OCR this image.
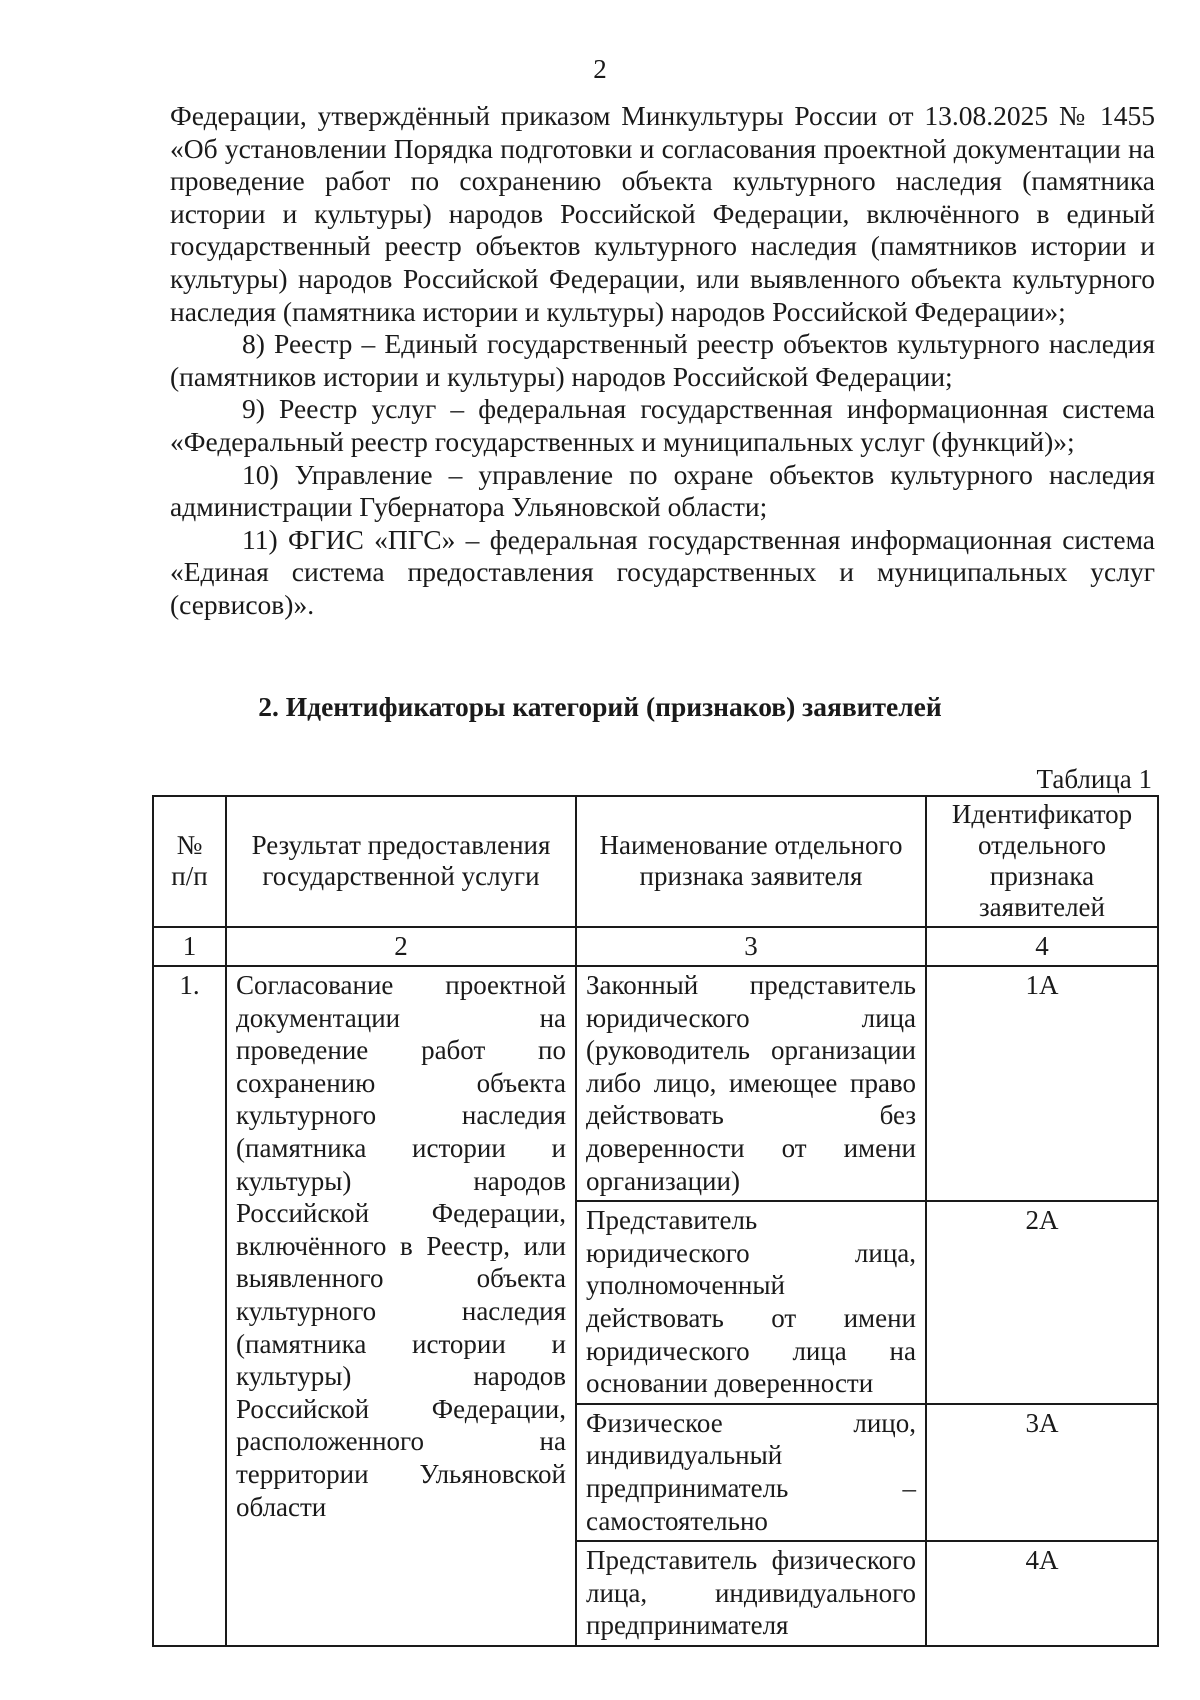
2

Федерации, утверждённый приказом Минкультуры России от 13.08.2025 № 1455 «Об установлении Порядка подготовки и согласования проектной документации на проведение работ по сохранению объекта культурного наследия (памятника истории и культуры) народов Российской Федерации, включённого в единый государственный реестр объектов культурного наследия (памятников истории и культуры) народов Российской Федерации, или выявленного объекта культурного наследия (памятника истории и культуры) народов Российской Федерации»;

8) Реестр – Единый государственный реестр объектов культурного наследия (памятников истории и культуры) народов Российской Федерации;

9) Реестр услуг – федеральная государственная информационная система «Федеральный реестр государственных и муниципальных услуг (функций)»;

10) Управление – управление по охране объектов культурного наследия администрации Губернатора Ульяновской области;

11) ФГИС «ПГС» – федеральная государственная информационная система «Единая система предоставления государственных и муниципальных услуг (сервисов)».

2. Идентификаторы категорий (признаков) заявителей
Таблица 1
№ п/п	Результат предоставления государственной услуги	Наименование отдельного признака заявителя	Идентификатор отдельного признака заявителей
1	2	3	4
1.	Согласование проектной документации на проведение работ по сохранению объекта культурного наследия (памятника истории и культуры) народов Российской Федерации, включённого в Реестр, или выявленного объекта культурного наследия (памятника истории и культуры) народов Российской Федерации, расположенного на территории Ульяновской области	Законный представитель юридического лица (руководитель организации либо лицо, имеющее право действовать без доверенности от имени организации)	1А
		Представитель юридического лица, уполномоченный действовать от имени юридического лица на основании доверенности	2А
		Физическое лицо, индивидуальный предприниматель – самостоятельно	3А
		Представитель физического лица, индивидуального предпринимателя	4А
